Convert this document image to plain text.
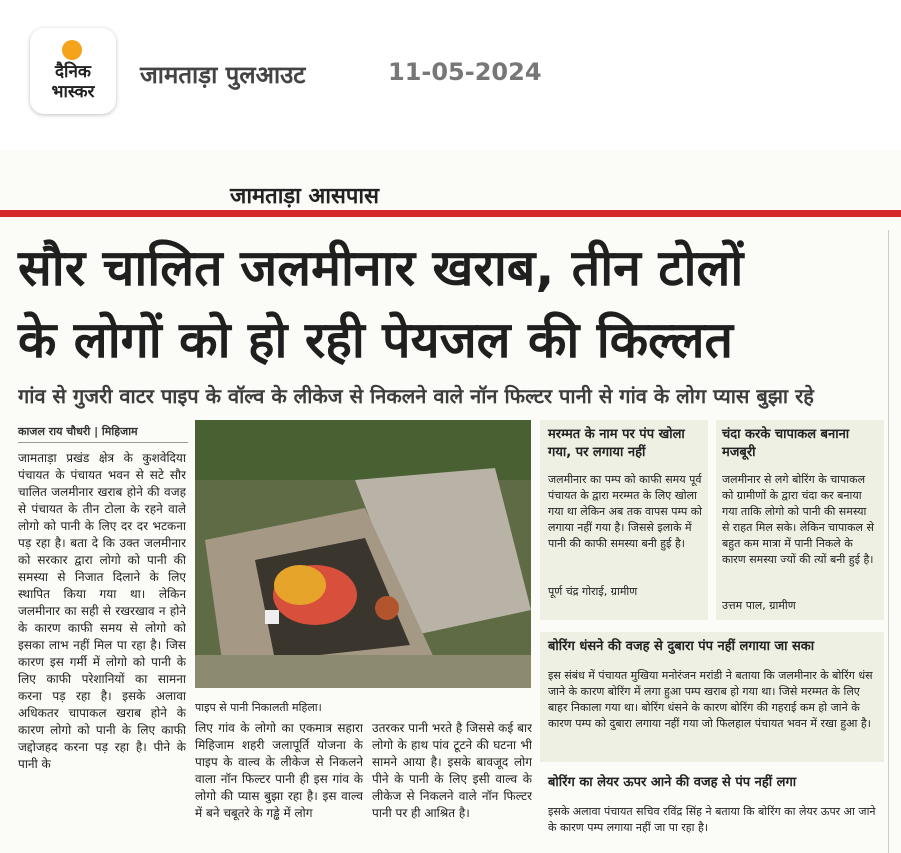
दैनिक
भास्कर
जामताड़ा पुलआउट	11-05-2024
जामताड़ा आसपास
सौर चालित जलमीनार खराब, तीन टोलों
के लोगों को हो रही पेयजल की किल्लत
गांव से गुजरी वाटर पाइप के वॉल्व के लीकेज से निकलने वाले नॉन फिल्टर पानी से गांव के लोग प्यास बुझा रहे
काजल राय चौधरी | मिहिजाम
जामताड़ा प्रखंड क्षेत्र के कुशवेदिया पंचायत के पंचायत भवन से सटे सौर चालित जलमीनार खराब होने की वजह से पंचायत के तीन टोला के रहने वाले लोगो को पानी के लिए दर दर भटकना पड़ रहा है। बता दे कि उक्त जलमीनार को सरकार द्वारा लोगो को पानी की समस्या से निजात दिलाने के लिए स्थापित किया गया था। लेकिन जलमीनार का सही से रखरखाव न होने के कारण काफी समय से लोगो को इसका लाभ नहीं मिल पा रहा है। जिस कारण इस गर्मी में लोगो को पानी के लिए काफी परेशानियों का सामना करना पड़ रहा है। इसके अलावा अधिकतर चापाकल खराब होने के कारण लोगो को पानी के लिए काफी जद्दोजहद करना पड़ रहा है। पीने के पानी के
पाइप से पानी निकालती महिला।
लिए गांव के लोगो का एकमात्र सहारा मिहिजाम शहरी जलापूर्ति योजना के पाइप के वाल्व के लीकेज से निकलने वाला नॉन फिल्टर पानी ही इस गांव के लोगो की प्यास बुझा रहा है। इस वाल्व में बने चबूतरे के गड्ढे में लोग
उतरकर पानी भरते है जिससे कई बार लोगो के हाथ पांव टूटने की घटना भी सामने आया है। इसके बावजूद लोग पीने के पानी के लिए इसी वाल्व के लीकेज से निकलने वाले नॉन फिल्टर पानी पर ही आश्रित है।
मरम्मत के नाम पर पंप खोला गया, पर लगाया नहीं
जलमीनार का पम्प को काफी समय पूर्व पंचायत के द्वारा मरम्मत के लिए खोला गया था लेकिन अब तक वापस पम्प को लगाया नहीं गया है। जिससे इलाके में पानी की काफी समस्या बनी हुई है।
पूर्ण चंद्र गोराई, ग्रामीण
चंदा करके चापाकल बनाना मजबूरी
जलमीनार से लगे बोरिंग के चापाकल को ग्रामीणों के द्वारा चंदा कर बनाया गया ताकि लोगो को पानी की समस्या से राहत मिल सके। लेकिन चापाकल से बहुत कम मात्रा में पानी निकले के कारण समस्या ज्यों की त्यों बनी हुई है।
उत्तम पाल, ग्रामीण
बोरिंग धंसने की वजह से दुबारा पंप नहीं लगाया जा सका
इस संबंध में पंचायत मुखिया मनोरंजन मरांडी ने बताया कि जलमीनार के बोरिंग धंस जाने के कारण बोरिंग में लगा हुआ पम्प खराब हो गया था। जिसे मरम्मत के लिए बाहर निकाला गया था। बोरिंग धंसने के कारण बोरिंग की गहराई कम हो जाने के कारण पम्प को दुबारा लगाया नहीं गया जो फिलहाल पंचायत भवन में रखा हुआ है।
बोरिंग का लेयर ऊपर आने की वजह से पंप नहीं लगा
इसके अलावा पंचायत सचिव रविंद्र सिंह ने बताया कि बोरिंग का लेयर ऊपर आ जाने के कारण पम्प लगाया नहीं जा पा रहा है।
